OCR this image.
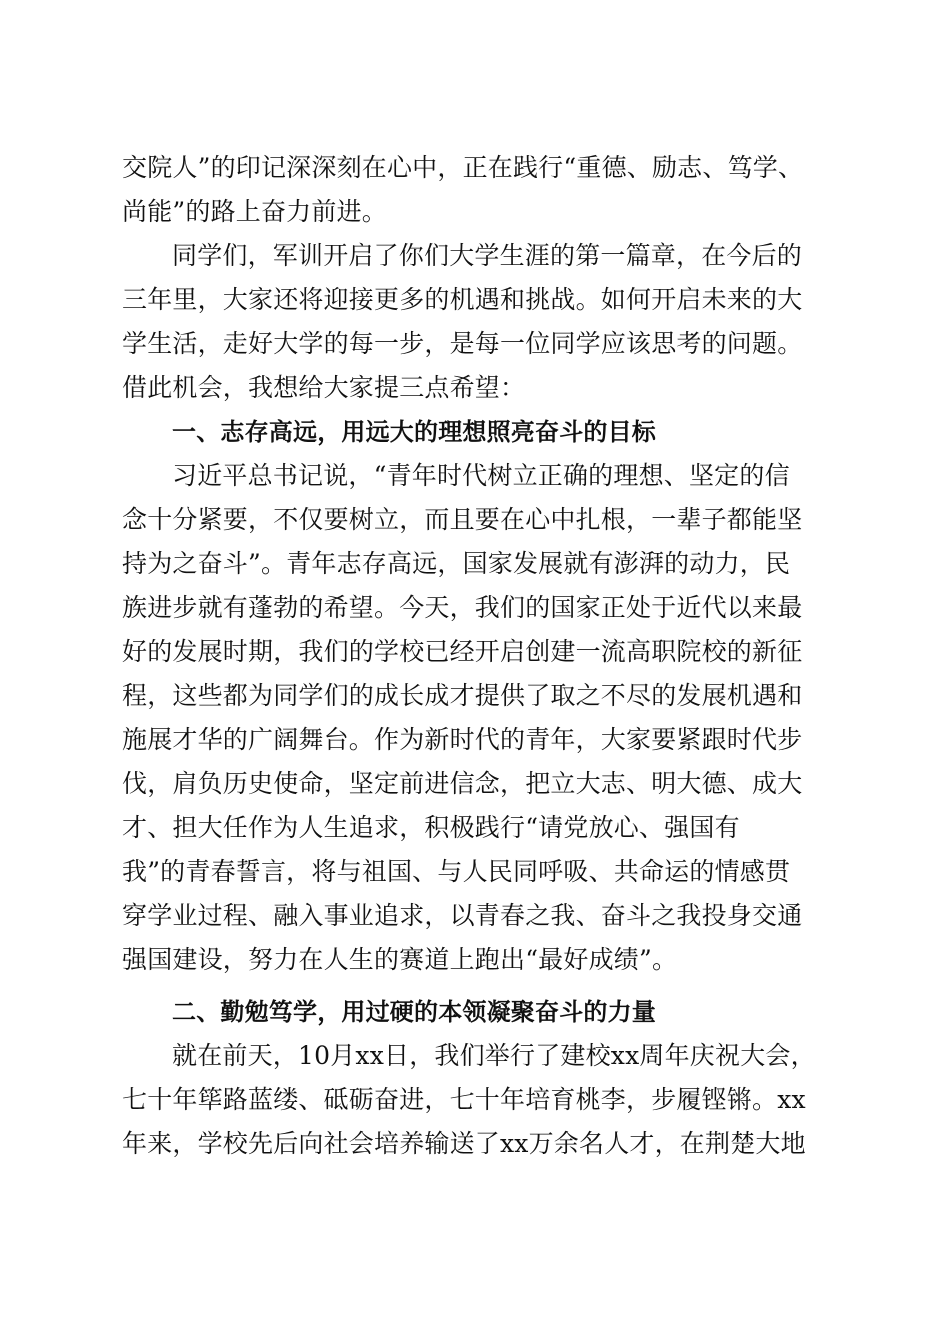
交院人”的印记深深刻在心中，正在践行“重德、励志、笃学、
尚能”的路上奋力前进。
同学们，军训开启了你们大学生涯的第一篇章，在今后的
三年里，大家还将迎接更多的机遇和挑战。如何开启未来的大
学生活，走好大学的每一步，是每一位同学应该思考的问题。
借此机会，我想给大家提三点希望：
一、志存高远，用远大的理想照亮奋斗的目标
习近平总书记说，“青年时代树立正确的理想、坚定的信
念十分紧要，不仅要树立，而且要在心中扎根，一辈子都能坚
持为之奋斗”。青年志存高远，国家发展就有澎湃的动力，民
族进步就有蓬勃的希望。今天，我们的国家正处于近代以来最
好的发展时期，我们的学校已经开启创建一流高职院校的新征
程，这些都为同学们的成长成才提供了取之不尽的发展机遇和
施展才华的广阔舞台。作为新时代的青年，大家要紧跟时代步
伐，肩负历史使命，坚定前进信念，把立大志、明大德、成大
才、担大任作为人生追求，积极践行“请党放心、强国有
我”的青春誓言，将与祖国、与人民同呼吸、共命运的情感贯
穿学业过程、融入事业追求，以青春之我、奋斗之我投身交通
强国建设，努力在人生的赛道上跑出“最好成绩”。
二、勤勉笃学，用过硬的本领凝聚奋斗的力量
就在前天，10月xx日，我们举行了建校xx周年庆祝大会，
七十年筚路蓝缕、砥砺奋进，七十年培育桃李，步履铿锵。xx
年来，学校先后向社会培养输送了xx万余名人才，在荆楚大地
